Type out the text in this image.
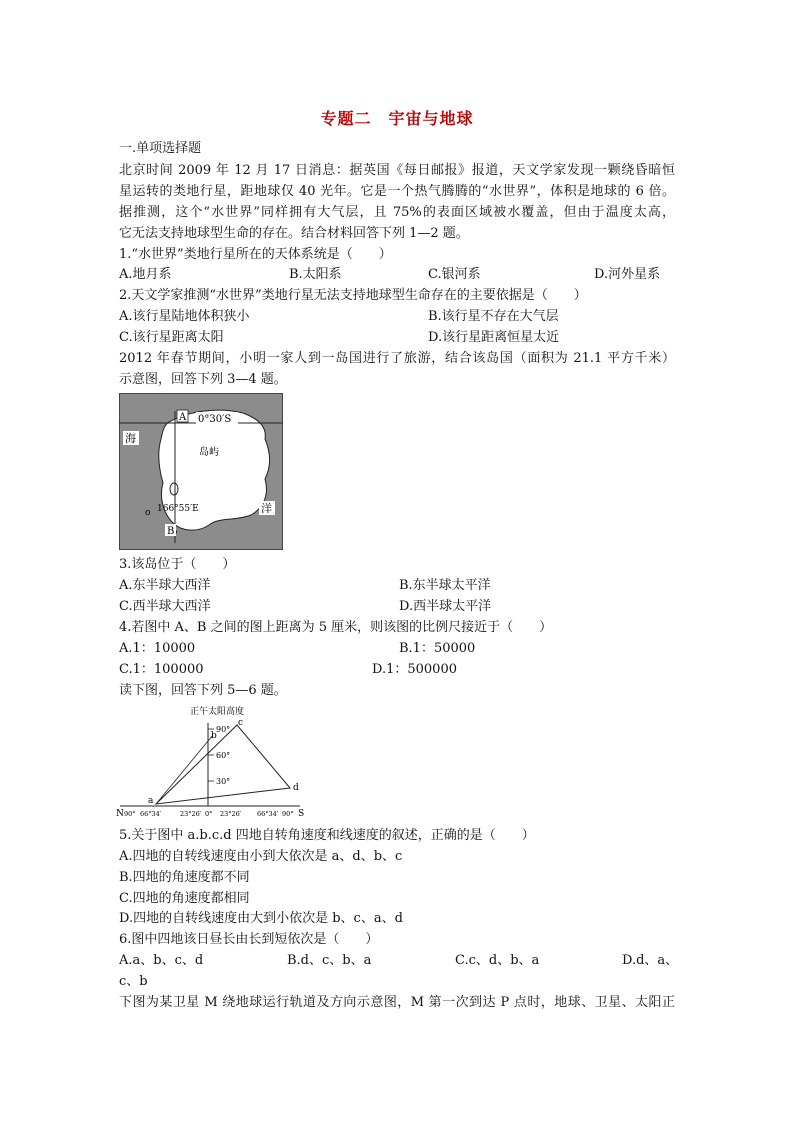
专题二　宇宙与地球
一.单项选择题
北京时间 2009 年 12 月 17 日消息：据英国《每日邮报》报道，天文学家发现一颗绕昏暗恒
星运转的类地行星，距地球仅 40 光年。它是一个热气腾腾的“水世界”，体积是地球的 6 倍。
据推测，这个“水世界”同样拥有大气层，且 75%的表面区域被水覆盖，但由于温度太高，
它无法支持地球型生命的存在。结合材料回答下列 1—2 题。
1.“水世界”类地行星所在的天体系统是（　　）
A.地月系	B.太阳系	C.银河系	D.河外星系
2.天文学家推测“水世界”类地行星无法支持地球型生命存在的主要依据是（　　）
A.该行星陆地体积狭小	B.该行星不存在大气层
C.该行星距离太阳	D.该行星距离恒星太近
2012 年春节期间，小明一家人到一岛国进行了旅游，结合该岛国（面积为 21.1 平方千米）
示意图，回答下列 3—4 题。
A 0°30′S
海
岛屿
洋
o 166°55′E
B
3.该岛位于（　　）
A.东半球大西洋	B.东半球太平洋
C.西半球大西洋	D.西半球太平洋
4.若图中 A、B 之间的图上距离为 5 厘米，则该图的比例尺接近于（　　）
A.1：10000	B.1：50000
C.1：100000	D.1：500000
读下图，回答下列 5—6 题。
正午太阳高度
90°
60°
30°
a
b
c
d
N 90° 66°34′	23°26′ 0° 23°26′ 66°34′ 90° S
5.关于图中 a.b.c.d 四地自转角速度和线速度的叙述，正确的是（　　）
A.四地的自转线速度由小到大依次是 a、d、b、c
B.四地的角速度都不同
C.四地的角速度都相同
D.四地的自转线速度由大到小依次是 b、c、a、d
6.图中四地该日昼长由长到短依次是（　　）
A.a、b、c、d	B.d、c、b、a	C.c、d、b、a	D.d、a、
c、b
下图为某卫星 M 绕地球运行轨道及方向示意图，M 第一次到达 P 点时，地球、卫星、太阳正
